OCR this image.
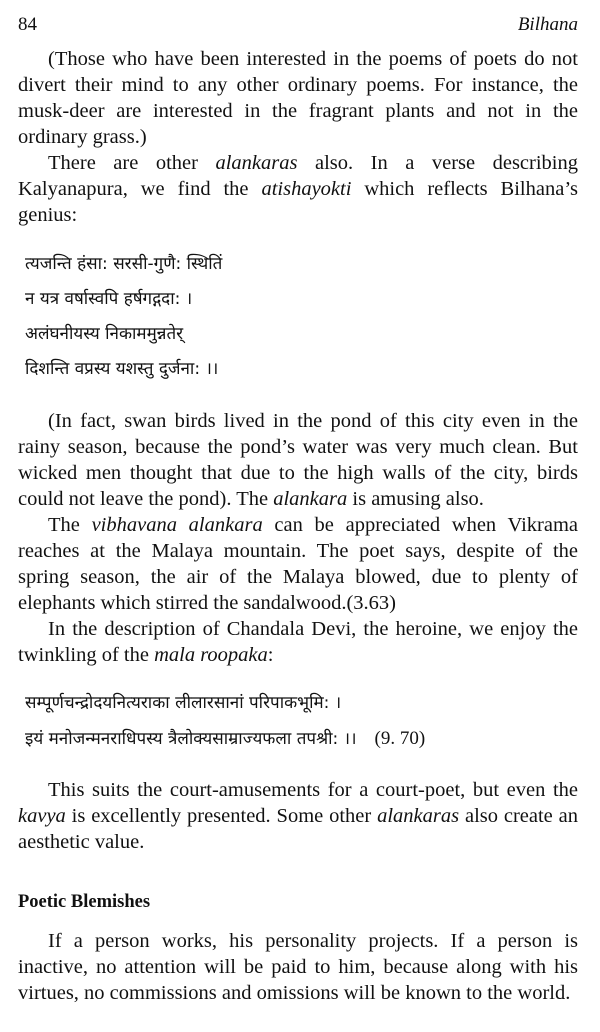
84	Bilhana

(Those who have been interested in the poems of poets do not divert their mind to any other ordinary poems. For instance, the musk-deer are interested in the fragrant plants and not in the ordinary grass.)

There are other alankaras also. In a verse describing Kalyanapura, we find the atishayokti which reflects Bilhana’s genius:

त्यजन्ति हंसा: सरसी-गुणै: स्थितिं
न यत्र वर्षास्वपि हर्षगद्गदा: ।
अलंघनीयस्य निकाममुन्नतेर्
दिशन्ति वप्रस्य यशस्तु दुर्जना: ।।

(In fact, swan birds lived in the pond of this city even in the rainy season, because the pond’s water was very much clean. But wicked men thought that due to the high walls of the city, birds could not leave the pond). The alankara is amusing also.

The vibhavana alankara can be appreciated when Vikrama reaches at the Malaya mountain. The poet says, despite of the spring season, the air of the Malaya blowed, due to plenty of elephants which stirred the sandalwood.(3.63)

In the description of Chandala Devi, the heroine, we enjoy the twinkling of the mala roopaka:

सम्पूर्णचन्द्रोदयनित्यराका लीलारसानां परिपाकभूमि: ।
इयं मनोजन्मनराधिपस्य त्रैलोक्यसाम्राज्यफला तपश्री: ।। (9. 70)

This suits the court-amusements for a court-poet, but even the kavya is excellently presented. Some other alankaras also create an aesthetic value.

Poetic Blemishes

If a person works, his personality projects. If a person is inactive, no attention will be paid to him, because along with his virtues, no commissions and omissions will be known to the world.
